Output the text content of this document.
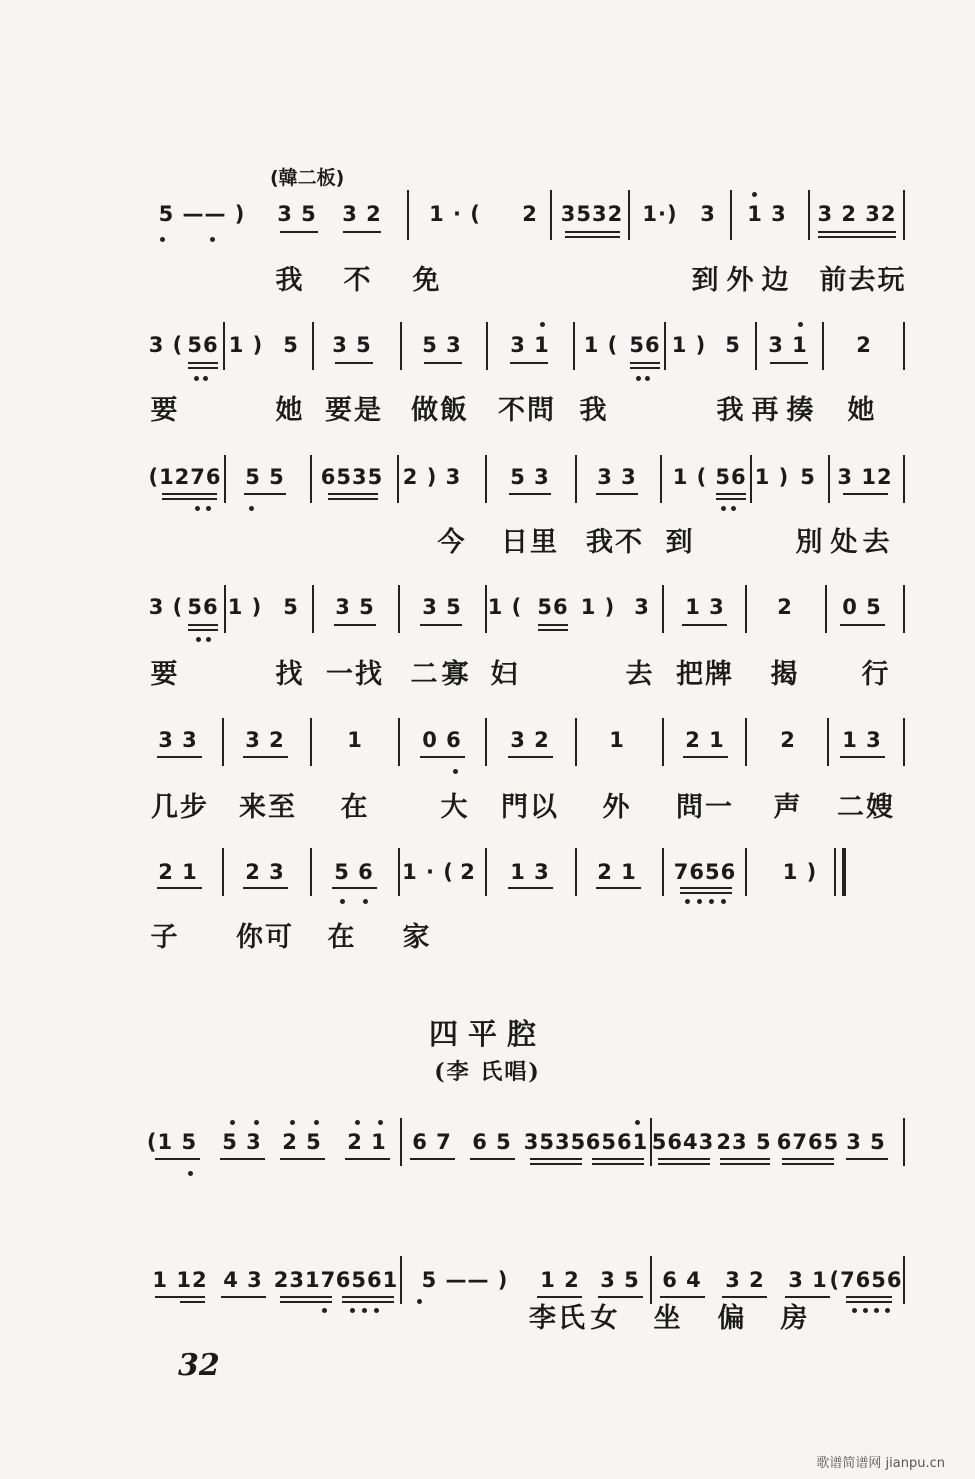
(韓二板)
5 —— ) 3 5 3 2 1 · ( 2 3532 1·) 3 1 3 3 2 32
我 不 免	到 外 边 前 去 玩
3 ( 56 1 ) 5 3 5 5 3 3 1 1 ( 56 1 ) 5 3 1 2
要	她 要是 做飯 不問 我	我 再 揍 她
(1276 5 5 6535 2 ) 3 5 3 3 3 1 ( 56 1 ) 5 3 12
今 日里 我不 到	別 处 去
3 ( 56 1 ) 5 3 5 3 5 1 ( 56 1 ) 3 1 3 2 0 5
要	找 一找 二 寡 妇	去 把牌 揭 行
3 3 3 2	1	0 6 3 2	1	2 1	2 1 3
几步 来至 在	大 門以 外 問一 声 二嫂
2 1 2 3 5 6 1 · ( 2 1 3 2 1 7656 1 )
子 你可 在 家
四平腔
(李 氏唱)
(1 5 5 3 2 5 2 1 6 7 6 5 3535 6561 5643 23 5 6765 3 5
1 12 4 3 2317 6561 5 —— ) 1 2 3 5 6 4 3 2 3 1 (7656
李氏 女 坐 偏 房
32
歌谱简谱网 jianpu.cn
